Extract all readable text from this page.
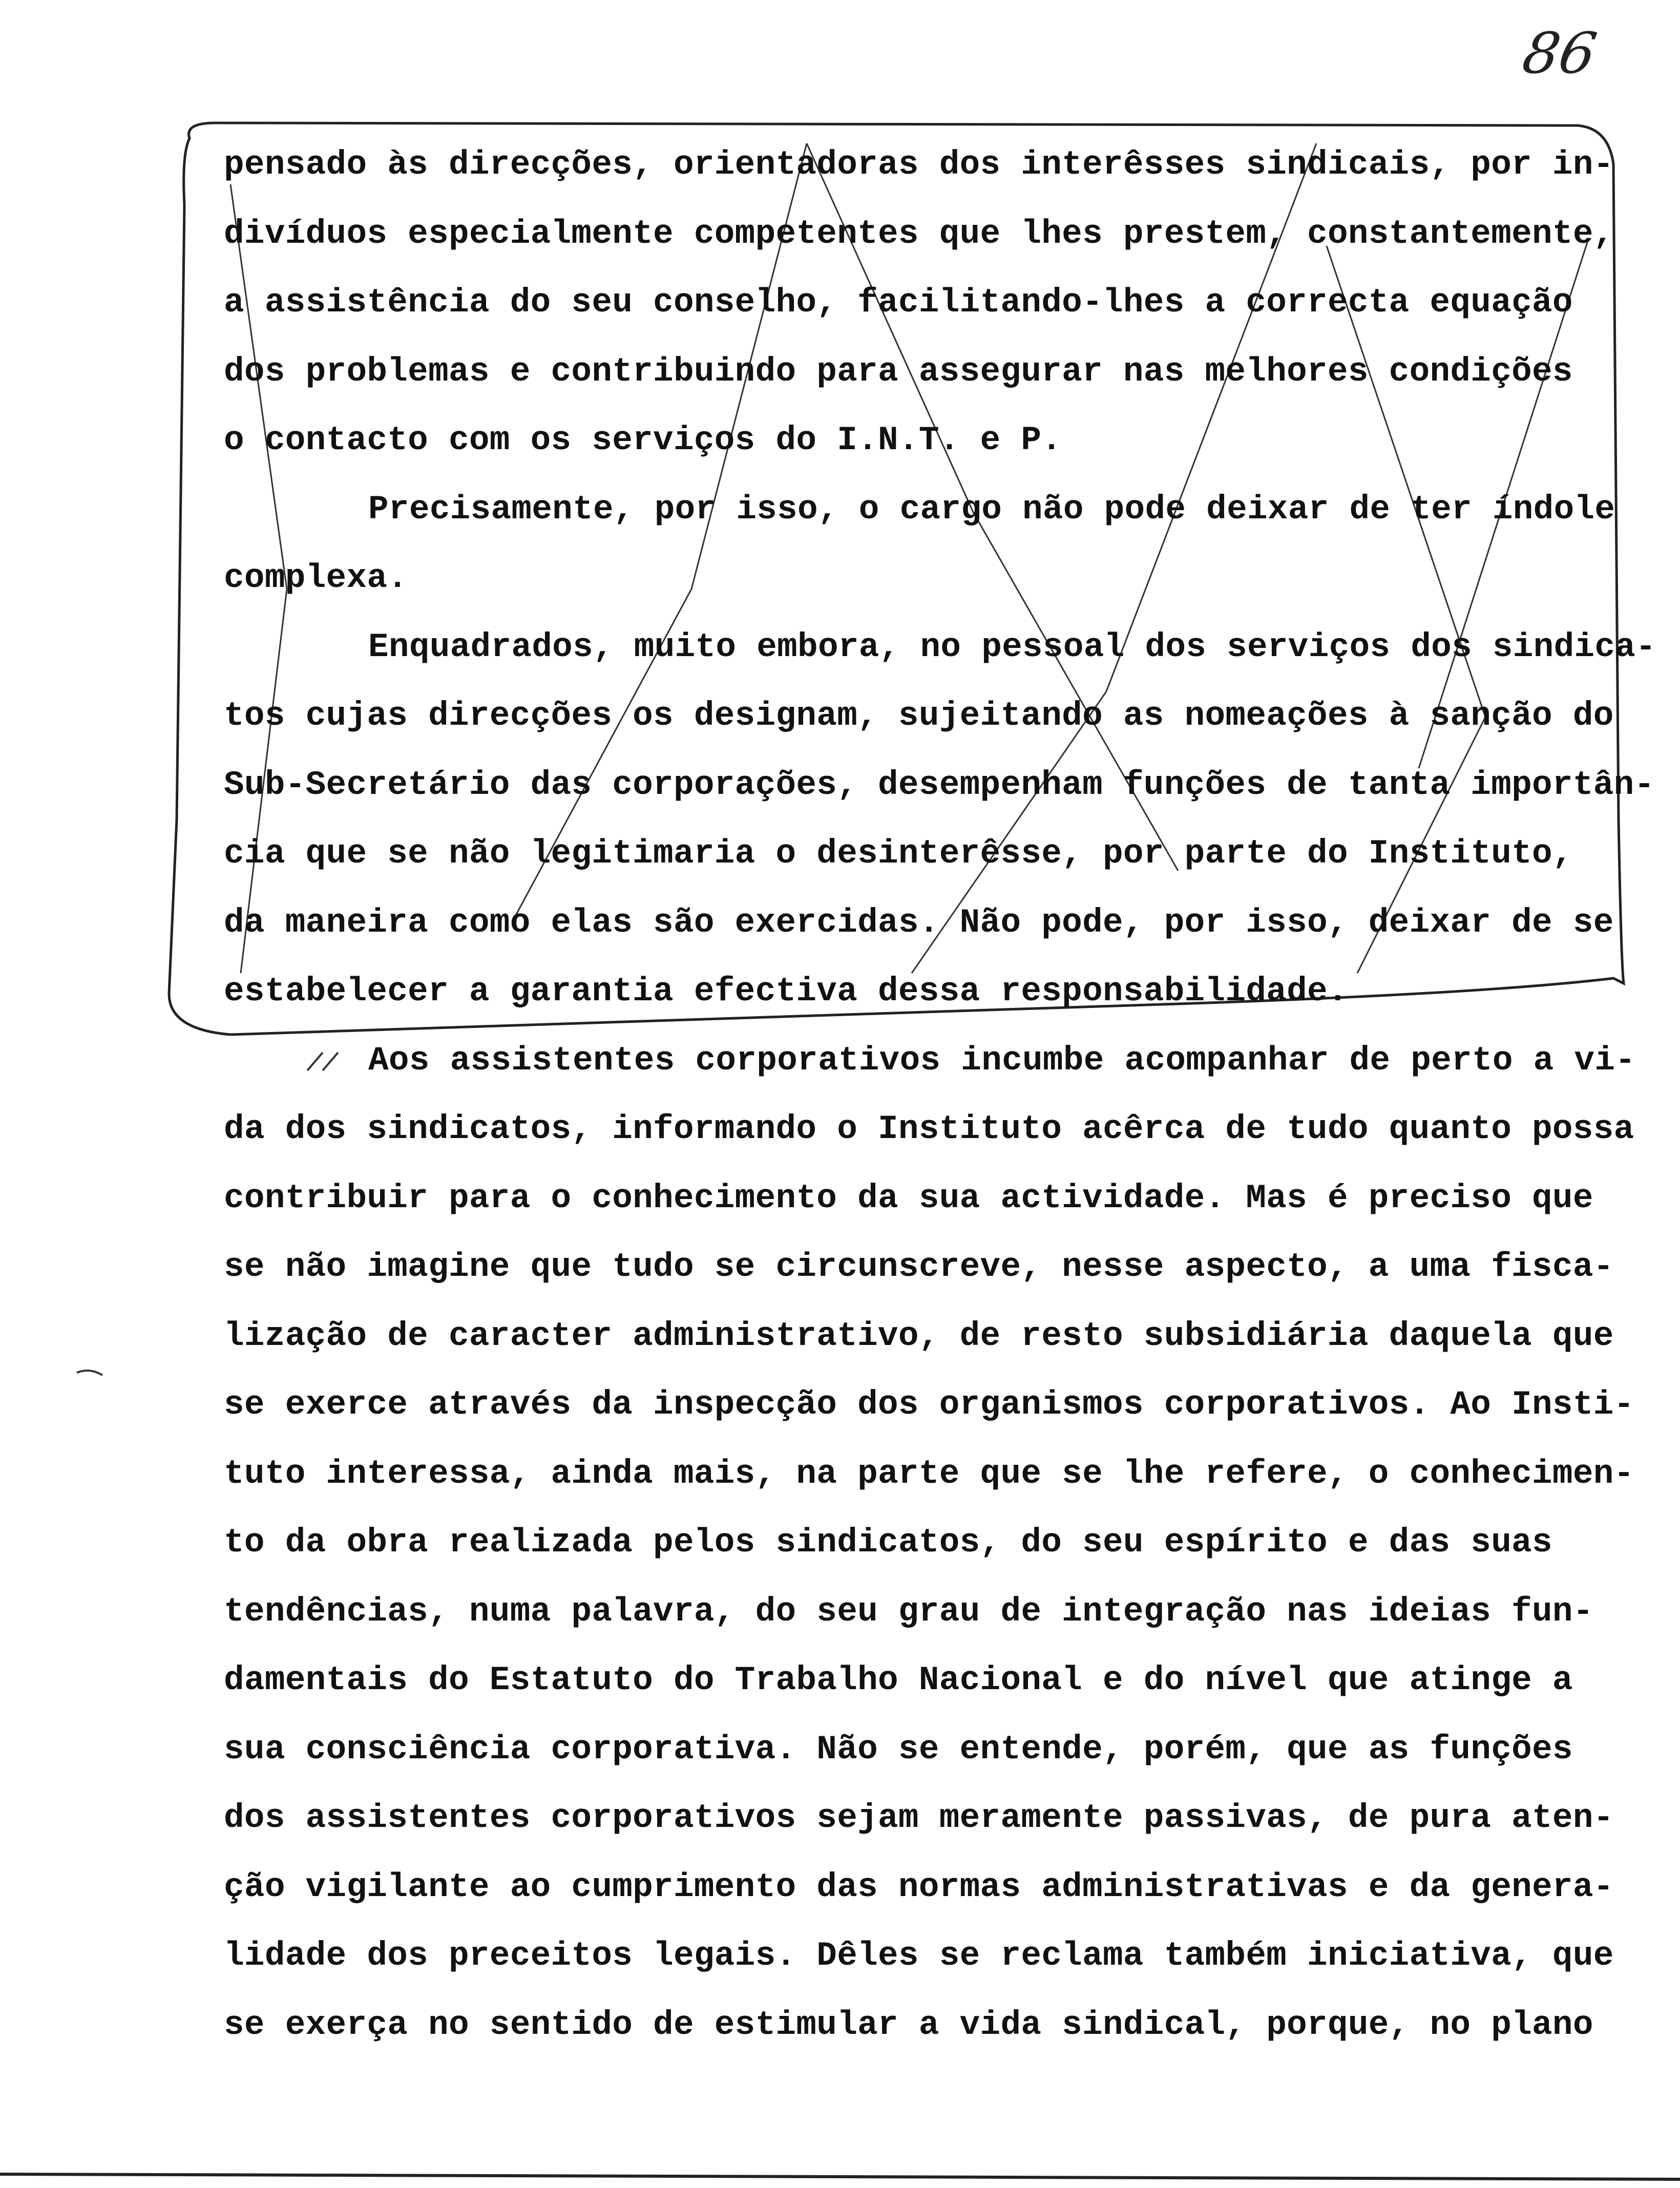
86
pensado às direcções, orientadoras dos interêsses sindicais, por in-
divíduos especialmente competentes que lhes prestem, constantemente,
a assistência do seu conselho, facilitando-lhes a correcta equação
dos problemas e contribuindo para assegurar nas melhores condições
o contacto com os serviços do I.N.T. e P.
Precisamente, por isso, o cargo não pode deixar de ter índole
complexa.
Enquadrados, muito embora, no pessoal dos serviços dos sindica-
tos cujas direcções os designam, sujeitando as nomeações à sanção do
Sub-Secretário das corporações, desempenham funções de tanta importân-
cia que se não legitimaria o desinterêsse, por parte do Instituto,
da maneira como elas são exercidas. Não pode, por isso, deixar de se
estabelecer a garantia efectiva dessa responsabilidade.
Aos assistentes corporativos incumbe acompanhar de perto a vi-
da dos sindicatos, informando o Instituto acêrca de tudo quanto possa
contribuir para o conhecimento da sua actividade. Mas é preciso que
se não imagine que tudo se circunscreve, nesse aspecto, a uma fisca-
lização de caracter administrativo, de resto subsidiária daquela que
se exerce através da inspecção dos organismos corporativos. Ao Insti-
tuto interessa, ainda mais, na parte que se lhe refere, o conhecimen-
to da obra realizada pelos sindicatos, do seu espírito e das suas
tendências, numa palavra, do seu grau de integração nas ideias fun-
damentais do Estatuto do Trabalho Nacional e do nível que atinge a
sua consciência corporativa. Não se entende, porém, que as funções
dos assistentes corporativos sejam meramente passivas, de pura aten-
ção vigilante ao cumprimento das normas administrativas e da genera-
lidade dos preceitos legais. Dêles se reclama também iniciativa, que
se exerça no sentido de estimular a vida sindical, porque, no plano
